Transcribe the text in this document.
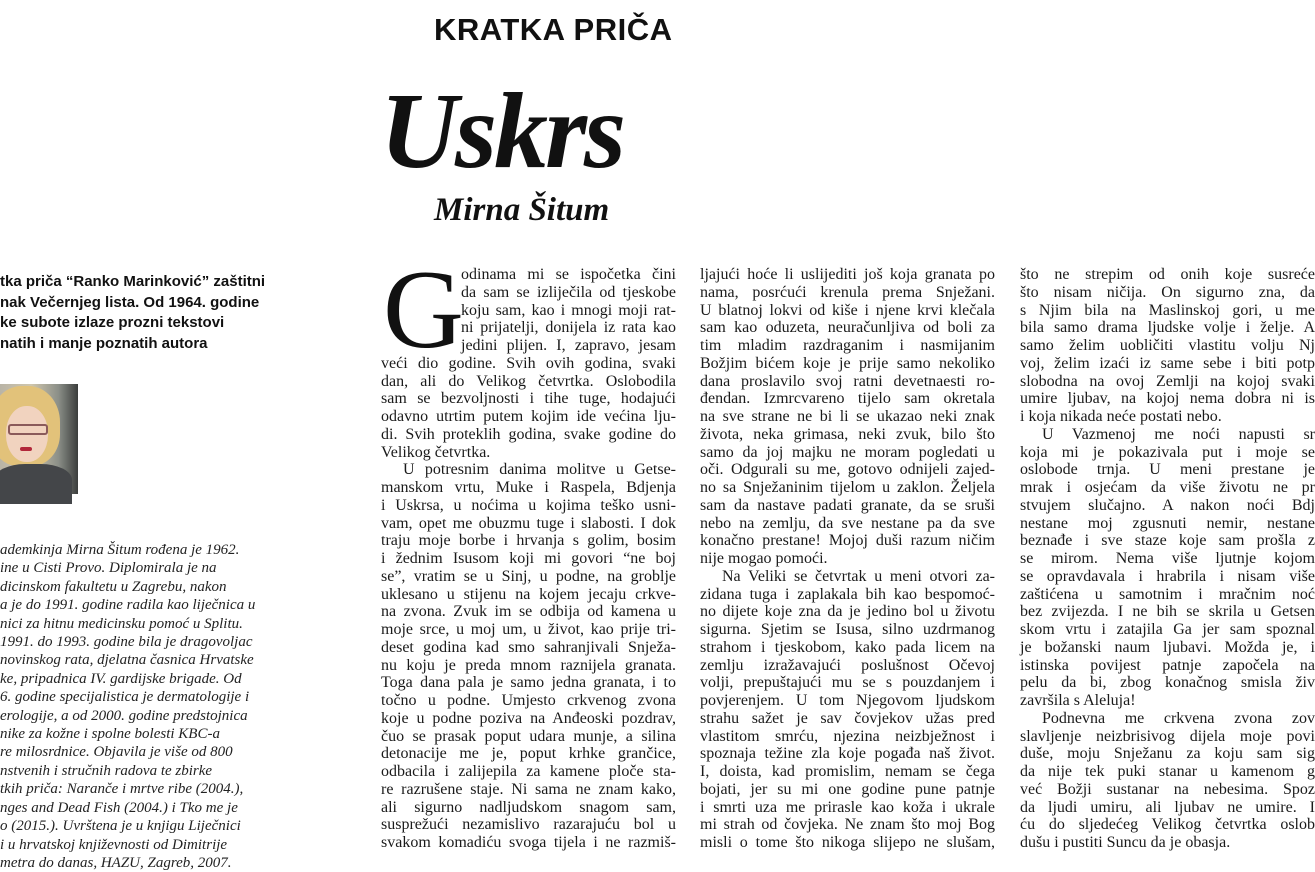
KRATKA PRIČA
Uskrs
Mirna Šitum
tka priča “Ranko Marinković” zaštitni
nak Večernjeg lista. Od 1964. godine
ke subote izlaze prozni tekstovi
natih i manje poznatih autora
ademkinja Mirna Šitum rođena je 1962.
ine u Cisti Provo. Diplomirala je na
dicinskom fakultetu u Zagrebu, nakon
a je do 1991. godine radila kao liječnica u
nici za hitnu medicinsku pomoć u Splitu.
1991. do 1993. godine bila je dragovoljac
novinskog rata, djelatna časnica Hrvatske
ke, pripadnica IV. gardijske brigade. Od
6. godine specijalistica je dermatologije i
erologije, a od 2000. godine predstojnica
nike za kožne i spolne bolesti KBC-a
re milosrdnice. Objavila je više od 800
nstvenih i stručnih radova te zbirke
tkih priča: Naranče i mrtve ribe (2004.),
nges and Dead Fish (2004.) i Tko me je
o (2015.). Uvrštena je u knjigu Liječnici
i u hrvatskoj književnosti od Dimitrije
metra do danas, HAZU, Zagreb, 2007.
G
odinama mi se ispočetka čini
da sam se izliječila od tjeskobe
koju sam, kao i mnogi moji rat-
ni prijatelji, donijela iz rata kao
jedini plijen. I, zapravo, jesam
veći dio godine. Svih ovih godina, svaki
dan, ali do Velikog četvrtka. Oslobodila
sam se bezvoljnosti i tihe tuge, hodajući
odavno utrtim putem kojim ide većina lju-
di. Svih proteklih godina, svake godine do
Velikog četvrtka.
U potresnim danima molitve u Getse-
manskom vrtu, Muke i Raspela, Bdjenja
i Uskrsa, u noćima u kojima teško usni-
vam, opet me obuzmu tuge i slabosti. I dok
traju moje borbe i hrvanja s golim, bosim
i žednim Isusom koji mi govori “ne boj
se”, vratim se u Sinj, u podne, na groblje
uklesano u stijenu na kojem jecaju crkve-
na zvona. Zvuk im se odbija od kamena u
moje srce, u moj um, u život, kao prije tri-
deset godina kad smo sahranjivali Snježa-
nu koju je preda mnom raznijela granata.
Toga dana pala je samo jedna granata, i to
točno u podne. Umjesto crkvenog zvona
koje u podne poziva na Anđeoski pozdrav,
čuo se prasak poput udara munje, a silina
detonacije me je, poput krhke grančice,
odbacila i zalijepila za kamene ploče sta-
re razrušene staje. Ni sama ne znam kako,
ali sigurno nadljudskom snagom sam,
susprežući nezamislivo razarajuću bol u
svakom komadiću svoga tijela i ne razmiš-
ljajući hoće li uslijediti još koja granata po
nama, posrćući krenula prema Snježani.
U blatnoj lokvi od kiše i njene krvi klečala
sam kao oduzeta, neuračunljiva od boli za
tim mladim razdraganim i nasmijanim
Božjim bićem koje je prije samo nekoliko
dana proslavilo svoj ratni devetnaesti ro-
đendan. Izmrcvareno tijelo sam okretala
na sve strane ne bi li se ukazao neki znak
života, neka grimasa, neki zvuk, bilo što
samo da joj majku ne moram pogledati u
oči. Odgurali su me, gotovo odnijeli zajed-
no sa Snježaninim tijelom u zaklon. Željela
sam da nastave padati granate, da se sruši
nebo na zemlju, da sve nestane pa da sve
konačno prestane! Mojoj duši razum ničim
nije mogao pomoći.
Na Veliki se četvrtak u meni otvori za-
zidana tuga i zaplakala bih kao bespomoć-
no dijete koje zna da je jedino bol u životu
sigurna. Sjetim se Isusa, silno uzdrmanog
strahom i tjeskobom, kako pada licem na
zemlju izražavajući poslušnost Očevoj
volji, prepuštajući mu se s pouzdanjem i
povjerenjem. U tom Njegovom ljudskom
strahu sažet je sav čovjekov užas pred
vlastitom smrću, njezina neizbježnost i
spoznaja težine zla koje pogađa naš život.
I, doista, kad promislim, nemam se čega
bojati, jer su mi one godine pune patnje
i smrti uza me prirasle kao koža i ukrale
mi strah od čovjeka. Ne znam što moj Bog
misli o tome što nikoga slijepo ne slušam,
što ne strepim od onih koje susreće
što nisam ničija. On sigurno zna, da
s Njim bila na Maslinskoj gori, u me
bila samo drama ljudske volje i želje. A
samo želim uobličiti vlastitu volju Nj
voj, želim izaći iz same sebe i biti potp
slobodna na ovoj Zemlji na kojoj svaki
umire ljubav, na kojoj nema dobra ni is
i koja nikada neće postati nebo.
U Vazmenoj me noći napusti sr
koja mi je pokazivala put i moje se
oslobode trnja. U meni prestane je
mrak i osjećam da više životu ne pr
stvujem slučajno. A nakon noći Bdj
nestane moj zgusnuti nemir, nestane
beznađe i sve staze koje sam prošla z
se mirom. Nema više ljutnje kojom
se opravdavala i hrabrila i nisam više
zaštićena u samotnim i mračnim noć
bez zvijezda. I ne bih se skrila u Getsen
skom vrtu i zatajila Ga jer sam spoznal
je božanski naum ljubavi. Možda je, i
istinska povijest patnje započela na
pelu da bi, zbog konačnog smisla živ
završila s Aleluja!
Podnevna me crkvena zvona zov
slavljenje neizbrisivog dijela moje povi
duše, moju Snježanu za koju sam sig
da nije tek puki stanar u kamenom g
već Božji sustanar na nebesima. Spoz
da ljudi umiru, ali ljubav ne umire. I
ću do sljedećeg Velikog četvrtka oslob
dušu i pustiti Suncu da je obasja.
